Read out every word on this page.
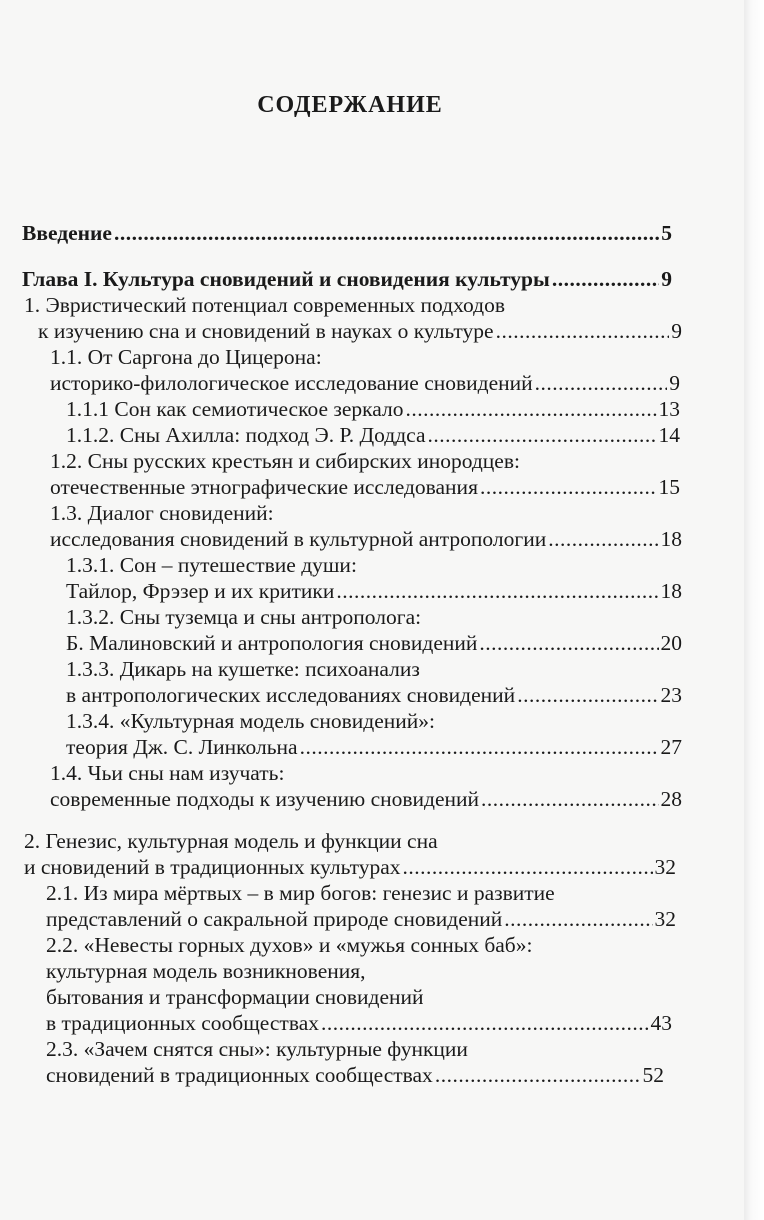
СОДЕРЖАНИЕ
Введение .....	5
Глава I. Культура сновидений и сновидения культуры .....	9
1. Эвристический потенциал современных подходов
к изучению сна и сновидений в науках о культуре .....	9
1.1. От Саргона до Цицерона:
историко-филологическое исследование сновидений .....	9
1.1.1 Сон как семиотическое зеркало .....	13
1.1.2. Сны Ахилла: подход Э. Р. Доддса .....	14
1.2. Сны русских крестьян и сибирских инородцев:
отечественные этнографические исследования .....	15
1.3. Диалог сновидений:
исследования сновидений в культурной антропологии .....	18
1.3.1. Сон – путешествие души:
Тайлор, Фрэзер и их критики .....	18
1.3.2. Сны туземца и сны антрополога:
Б. Малиновский и антропология сновидений .....	20
1.3.3. Дикарь на кушетке: психоанализ
в антропологических исследованиях сновидений .....	23
1.3.4. «Культурная модель сновидений»:
теория Дж. С. Линкольна .....	27
1.4. Чьи сны нам изучать:
современные подходы к изучению сновидений .....	28
2. Генезис, культурная модель и функции сна
и сновидений в традиционных культурах .....	32
2.1. Из мира мёртвых – в мир богов: генезис и развитие
представлений о сакральной природе сновидений .....	32
2.2. «Невесты горных духов» и «мужья сонных баб»:
культурная модель возникновения,
бытования и трансформации сновидений
в традиционных сообществах .....	43
2.3. «Зачем снятся сны»: культурные функции
сновидений в традиционных сообществах .....	52
